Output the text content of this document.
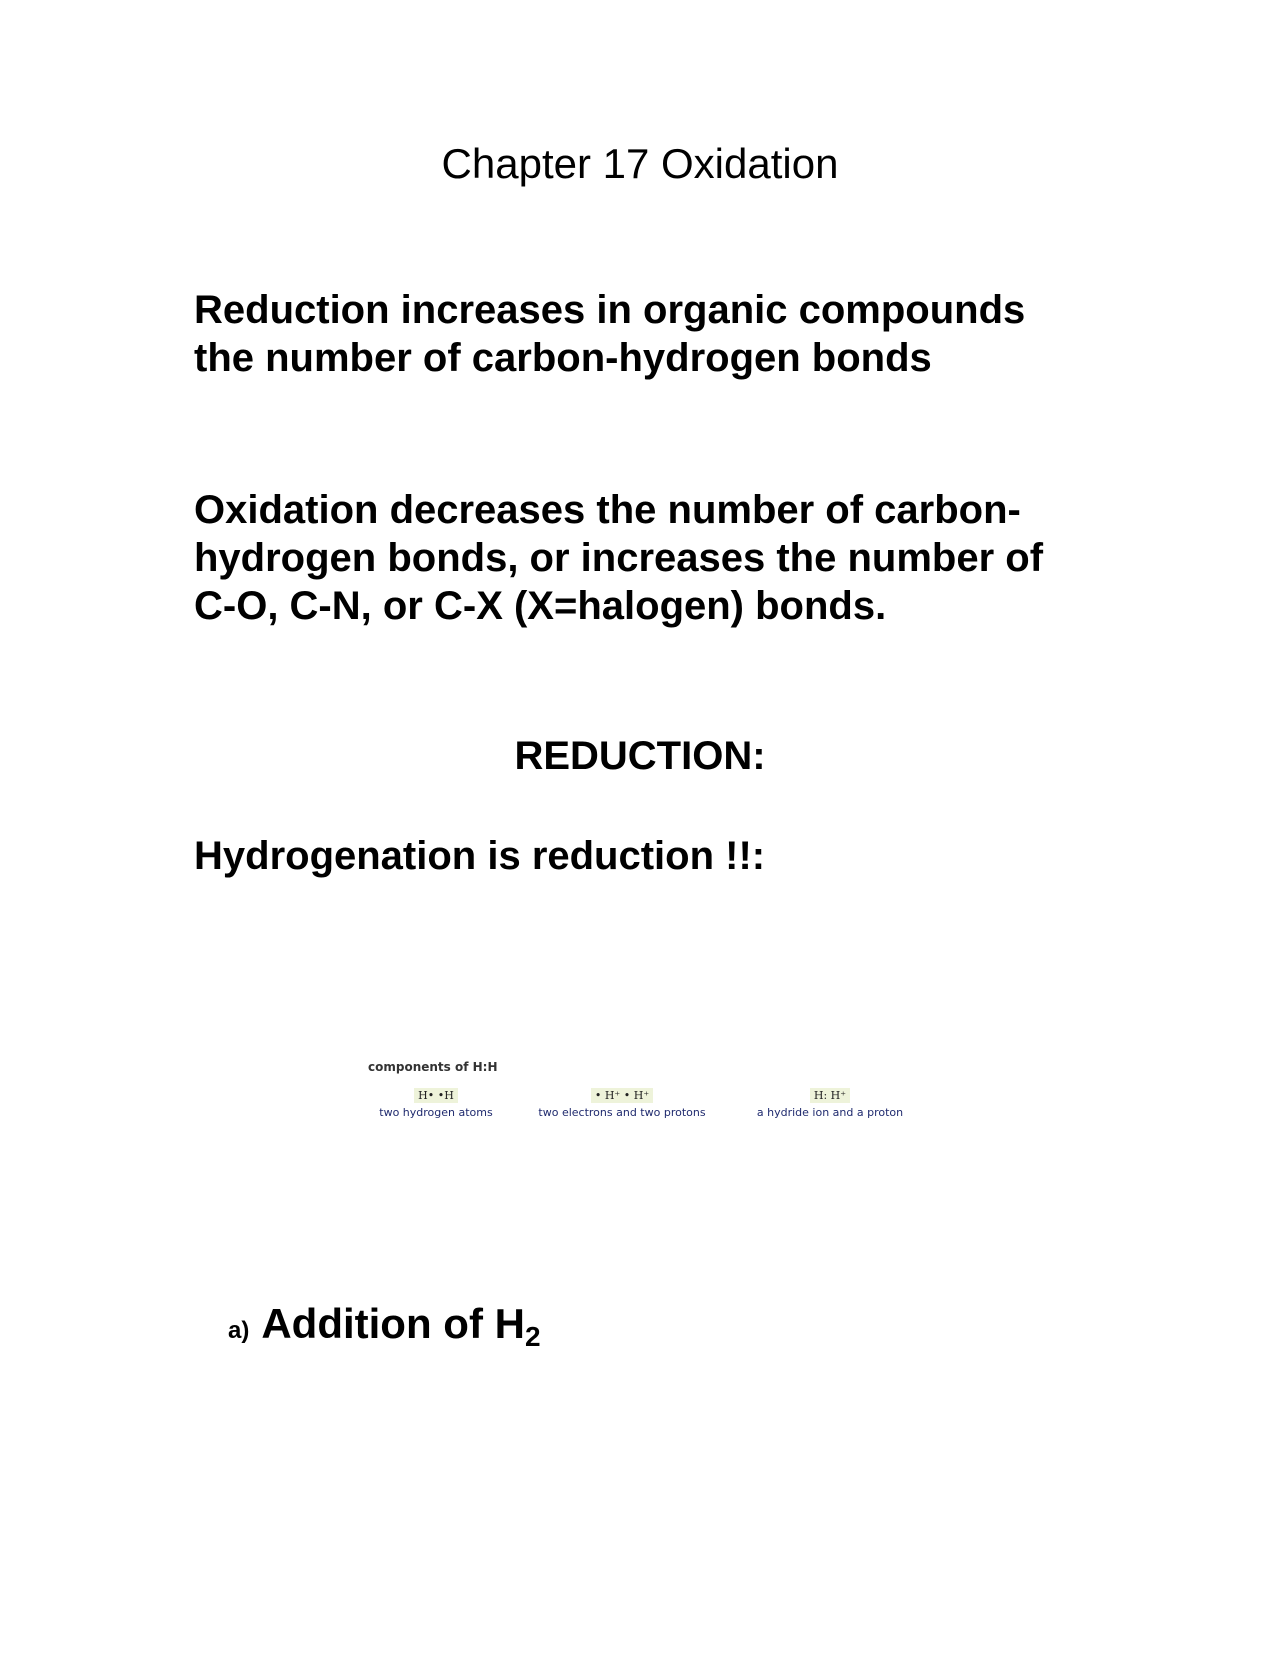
Chapter 17 Oxidation

Reduction increases in organic compounds the number of carbon-hydrogen bonds

Oxidation decreases the number of carbon-hydrogen bonds, or increases the number of C-O, C-N, or C-X (X=halogen) bonds.

REDUCTION:

Hydrogenation is reduction !!:

components of H:H
H• •H
two hydrogen atoms
• H⁺ • H⁺
two electrons and two protons
H: H⁺
a hydride ion and a proton
a) Addition of $H_2$
